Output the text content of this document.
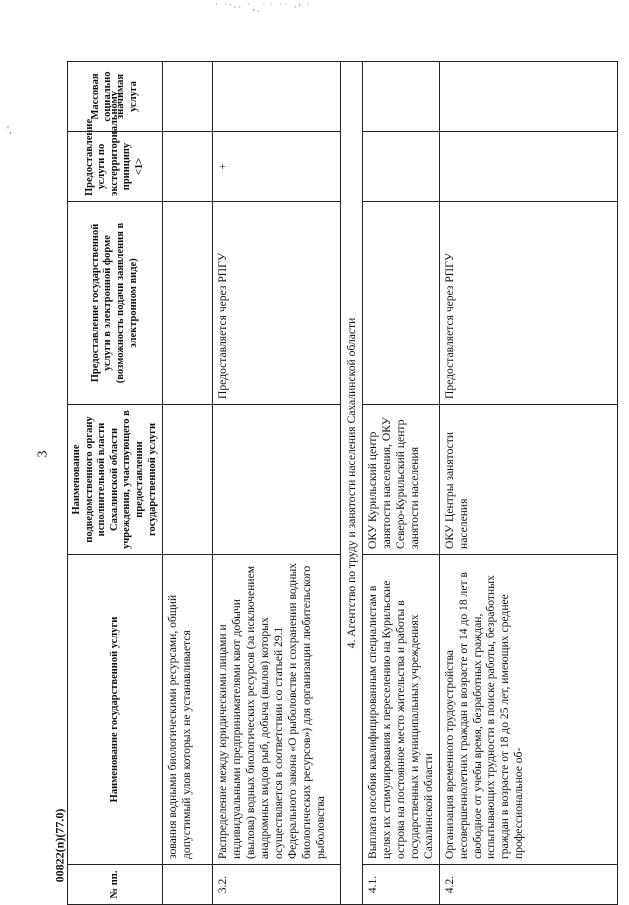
˙ ˙ʹ·· ˙,ˏ ͑ ˙ ˙˙ ·ʹ ˙
ʹ,
3
00822(n)(77.0)
№ пп.	Наименование государственной услуги	Наименование подведомственного органу исполнительной власти Сахалинской области учреждения, участвующего в предоставлении государственной услуги	Предоставление государственной услуги в электронной форме (возможность подачи заявления в электронном виде)	Предоставление услуги по экстерриториальному принципу <1>	Массовая социально значимая услуга
	зования водными биологическими ресурсами, общий допустимый улов которых не устанавливается				
3.2.	Распределение между юридическими лицами и индивидуальными предпринимателями квот добычи (вылова) водных биологических ресурсов (за исключением анадромных видов рыб, добыча (вылов) которых осуществляется в соответствии со статьей 29.1 Федерального закона «О рыболовстве и сохранении водных биологических ресурсов») для организации любительского рыболовства		Предоставляется через РПГУ	+	
4. Агентство по труду и занятости населения Сахалинской области					
4.1.	Выплата пособия квалифицированным специалистам в целях их стимулирования к переселению на Курильские острова на постоянное место жительства и работы в государственных и муниципальных учреждениях Сахалинской области	ОКУ Курильский центр занятости населения, ОКУ Северо-Курильский центр занятости населения			
4.2.	Организация временного трудоустройства несовершеннолетних граждан в возрасте от 14 до 18 лет в свободное от учебы время, безработных граждан, испытывающих трудности в поиске работы, безработных граждан в возрасте от 18 до 25 лет, имеющих среднее профессиональное об-	ОКУ Центры занятости населения	Предоставляется через РПГУ		
